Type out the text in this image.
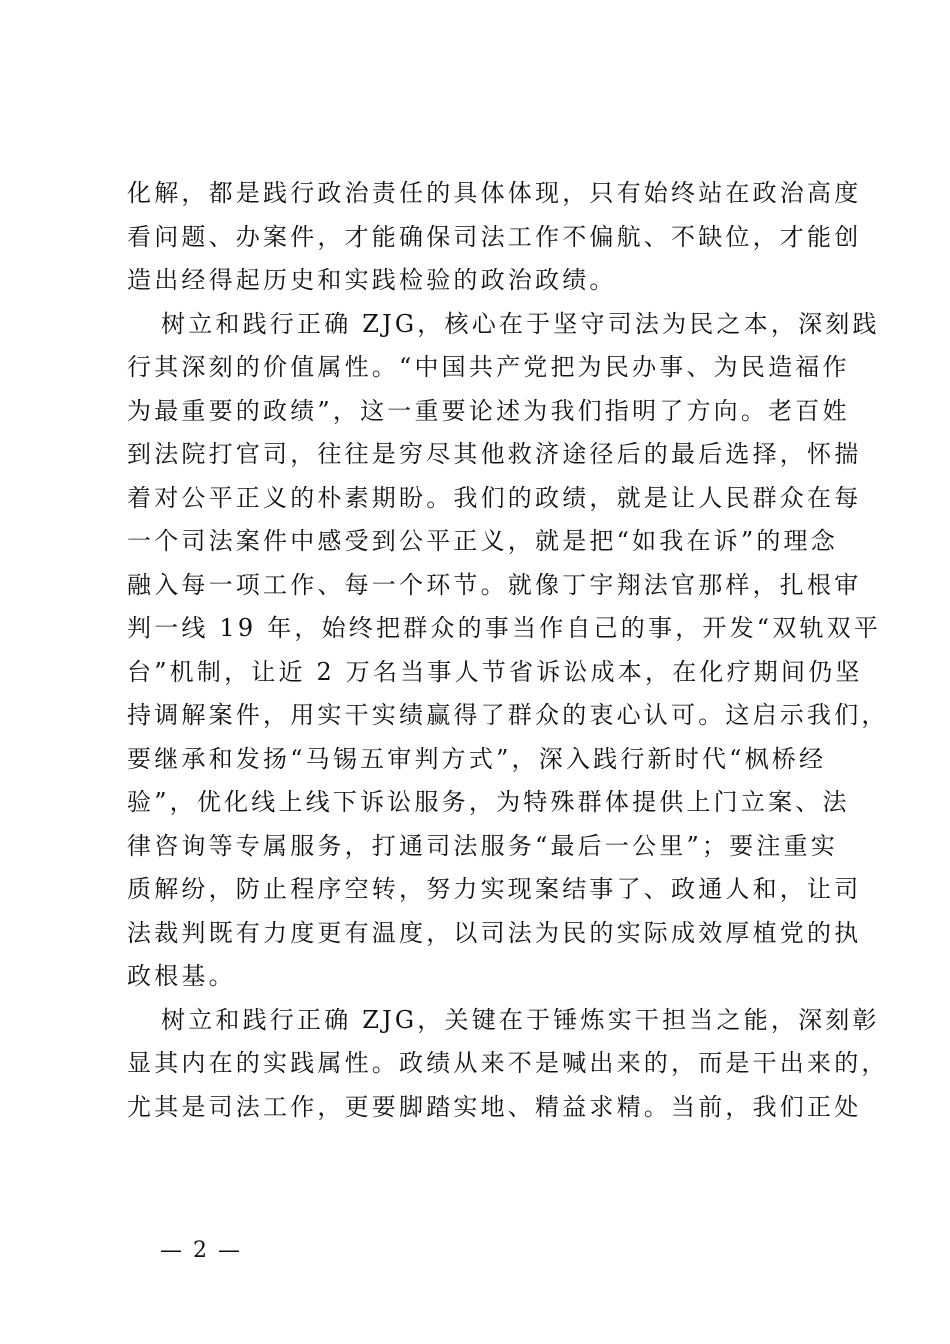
化解，都是践行政治责任的具体体现，只有始终站在政治高度
看问题、办案件，才能确保司法工作不偏航、不缺位，才能创
造出经得起历史和实践检验的政治政绩。
树立和践行正确 ZJG，核心在于坚守司法为民之本，深刻践
行其深刻的价值属性。“中国共产党把为民办事、为民造福作
为最重要的政绩”，这一重要论述为我们指明了方向。老百姓
到法院打官司，往往是穷尽其他救济途径后的最后选择，怀揣
着对公平正义的朴素期盼。我们的政绩，就是让人民群众在每
一个司法案件中感受到公平正义，就是把“如我在诉”的理念
融入每一项工作、每一个环节。就像丁宇翔法官那样，扎根审
判一线 19 年，始终把群众的事当作自己的事，开发“双轨双平
台”机制，让近 2 万名当事人节省诉讼成本，在化疗期间仍坚
持调解案件，用实干实绩赢得了群众的衷心认可。这启示我们，
要继承和发扬“马锡五审判方式”，深入践行新时代“枫桥经
验”，优化线上线下诉讼服务，为特殊群体提供上门立案、法
律咨询等专属服务，打通司法服务“最后一公里”；要注重实
质解纷，防止程序空转，努力实现案结事了、政通人和，让司
法裁判既有力度更有温度，以司法为民的实际成效厚植党的执
政根基。
树立和践行正确 ZJG，关键在于锤炼实干担当之能，深刻彰
显其内在的实践属性。政绩从来不是喊出来的，而是干出来的，
尤其是司法工作，更要脚踏实地、精益求精。当前，我们正处
— 2 —
